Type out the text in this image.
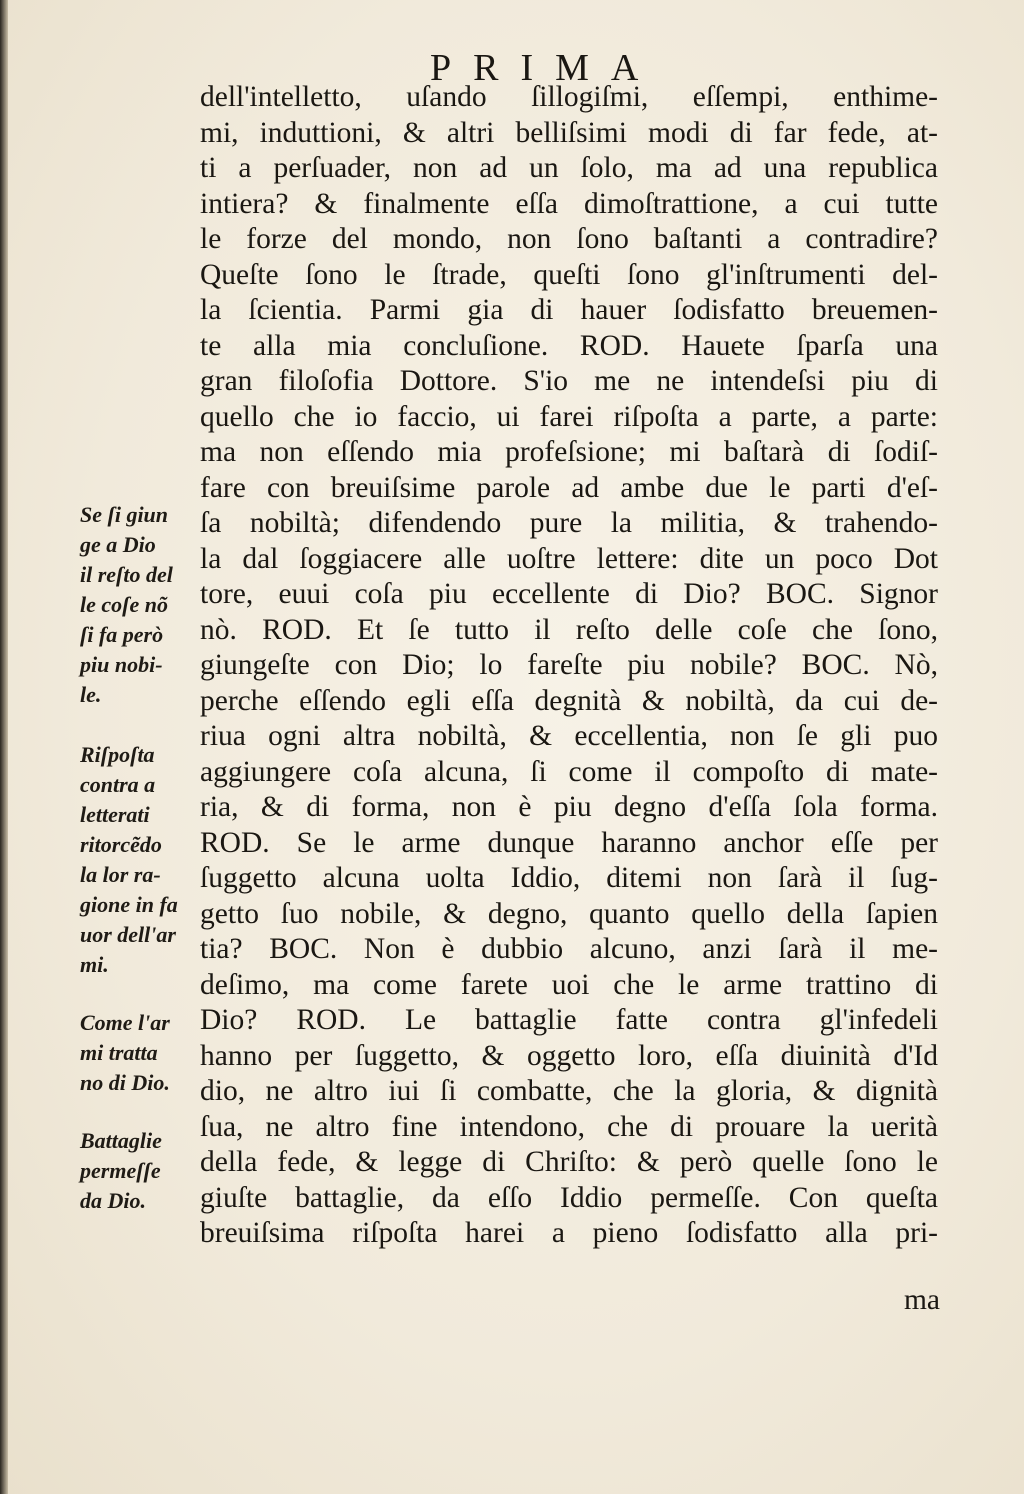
PRIMA
dell'intelletto, uſando ſillogiſmi, eſſempi, enthime-
mi, induttioni, & altri belliſsimi modi di far fede, at-
ti a perſuader, non ad un ſolo, ma ad una republica
intiera? & finalmente eſſa dimoſtrattione, a cui tutte
le forze del mondo, non ſono baſtanti a contradire?
Queſte ſono le ſtrade, queſti ſono gl'inſtrumenti del-
la ſcientia. Parmi gia di hauer ſodisfatto breuemen-
te alla mia concluſione. ROD. Hauete ſparſa una
gran filoſofia Dottore. S'io me ne intendeſsi piu di
quello che io faccio, ui farei riſpoſta a parte, a parte:
ma non eſſendo mia profeſsione; mi baſtarà di ſodiſ-
fare con breuiſsime parole ad ambe due le parti d'eſ-
ſa nobiltà; difendendo pure la militia, & trahendo-
la dal ſoggiacere alle uoſtre lettere: dite un poco Dot
tore, euui coſa piu eccellente di Dio? BOC. Signor
nò. ROD. Et ſe tutto il reſto delle coſe che ſono,
giungeſte con Dio; lo fareſte piu nobile? BOC. Nò,
perche eſſendo egli eſſa degnità & nobiltà, da cui de-
riua ogni altra nobiltà, & eccellentia, non ſe gli puo
aggiungere coſa alcuna, ſi come il compoſto di mate-
ria, & di forma, non è piu degno d'eſſa ſola forma.
ROD. Se le arme dunque haranno anchor eſſe per
ſuggetto alcuna uolta Iddio, ditemi non ſarà il ſug-
getto ſuo nobile, & degno, quanto quello della ſapien
tia? BOC. Non è dubbio alcuno, anzi ſarà il me-
deſimo, ma come farete uoi che le arme trattino di
Dio? ROD. Le battaglie fatte contra gl'infedeli
hanno per ſuggetto, & oggetto loro, eſſa diuinità d'Id
dio, ne altro iui ſi combatte, che la gloria, & dignità
ſua, ne altro fine intendono, che di prouare la uerità
della fede, & legge di Chriſto: & però quelle ſono le
giuſte battaglie, da eſſo Iddio permeſſe. Con queſta
breuiſsima riſpoſta harei a pieno ſodisfatto alla pri-
ma
Se ſi giun
ge a Dio
il reſto del
le coſe nõ
ſi fa però
piu nobi-
le.
Riſpoſta
contra a
letterati
ritorcẽdo
la lor ra-
gione in fa
uor dell'ar
mi.
Come l'ar
mi tratta
no di Dio.
Battaglie
permeſſe
da Dio.
